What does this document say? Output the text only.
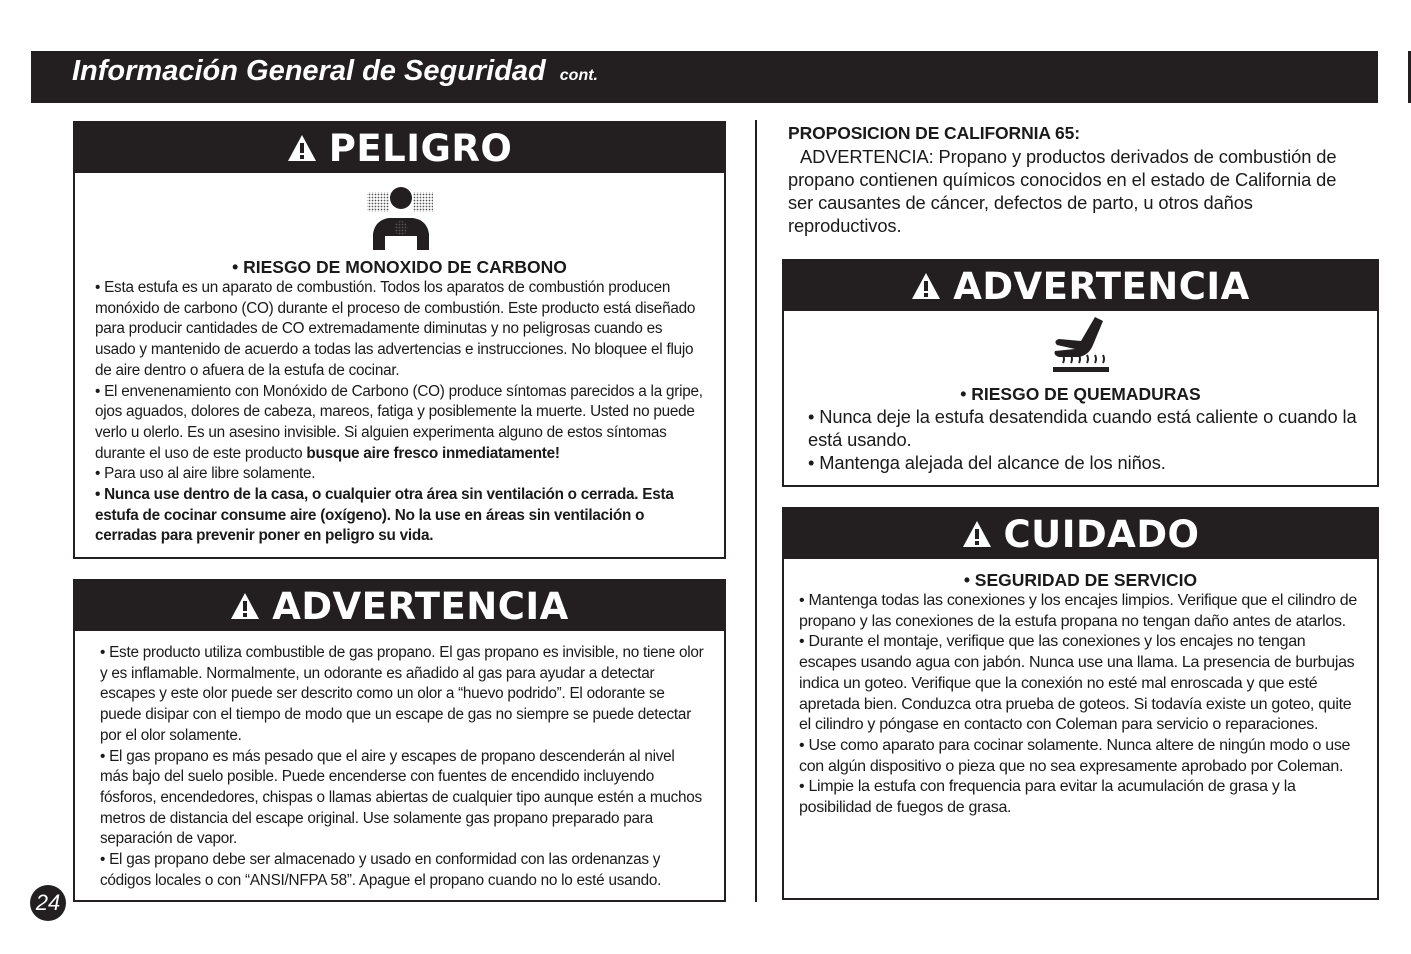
Información General de Seguridad cont.
PELIGRO
• RIESGO DE MONOXIDO DE CARBONO

• Esta estufa es un aparato de combustión. Todos los aparatos de combustión producen monóxido de carbono (CO) durante el proceso de combustión. Este producto está diseñado para producir cantidades de CO extremadamente diminutas y no peligrosas cuando es usado y mantenido de acuerdo a todas las advertencias e instrucciones. No bloquee el flujo de aire dentro o afuera de la estufa de cocinar.

• El envenenamiento con Monóxido de Carbono (CO) produce síntomas parecidos a la gripe, ojos aguados, dolores de cabeza, mareos, fatiga y posiblemente la muerte. Usted no puede verlo u olerlo. Es un asesino invisible. Si alguien experimenta alguno de estos síntomas durante el uso de este producto busque aire fresco inmediatamente!

• Para uso al aire libre solamente.

• Nunca use dentro de la casa, o cualquier otra área sin ventilación o cerrada. Esta estufa de cocinar consume aire (oxígeno). No la use en áreas sin ventilación o cerradas para prevenir poner en peligro su vida.

ADVERTENCIA

• Este producto utiliza combustible de gas propano. El gas propano es invisible, no tiene olor y es inflamable. Normalmente, un odorante es añadido al gas para ayudar a detectar escapes y este olor puede ser descrito como un olor a “huevo podrido”. El odorante se puede disipar con el tiempo de modo que un escape de gas no siempre se puede detectar por el olor solamente.

• El gas propano es más pesado que el aire y escapes de propano descenderán al nivel más bajo del suelo posible. Puede encenderse con fuentes de encendido incluyendo fósforos, encendedores, chispas o llamas abiertas de cualquier tipo aunque estén a muchos metros de distancia del escape original. Use solamente gas propano preparado para separación de vapor.

• El gas propano debe ser almacenado y usado en conformidad con las ordenanzas y códigos locales o con “ANSI/NFPA 58”. Apague el propano cuando no lo esté usando.

24
PROPOSICION DE CALIFORNIA 65:
ADVERTENCIA: Propano y productos derivados de combustión de propano contienen químicos conocidos en el estado de California de ser causantes de cáncer, defectos de parto, u otros daños reproductivos.
ADVERTENCIA
• RIESGO DE QUEMADURAS

• Nunca deje la estufa desatendida cuando está caliente o cuando la está usando.

• Mantenga alejada del alcance de los niños.

CUIDADO
• SEGURIDAD DE SERVICIO

• Mantenga todas las conexiones y los encajes limpios. Verifique que el cilindro de propano y las conexiones de la estufa propana no tengan daño antes de atarlos.

• Durante el montaje, verifique que las conexiones y los encajes no tengan escapes usando agua con jabón. Nunca use una llama. La presencia de burbujas indica un goteo. Verifique que la conexión no esté mal enroscada y que esté apretada bien. Conduzca otra prueba de goteos. Si todavía existe un goteo, quite el cilindro y póngase en contacto con Coleman para servicio o reparaciones.

• Use como aparato para cocinar solamente. Nunca altere de ningún modo o use con algún dispositivo o pieza que no sea expresamente aprobado por Coleman.

• Limpie la estufa con frequencia para evitar la acumulación de grasa y la posibilidad de fuegos de grasa.
